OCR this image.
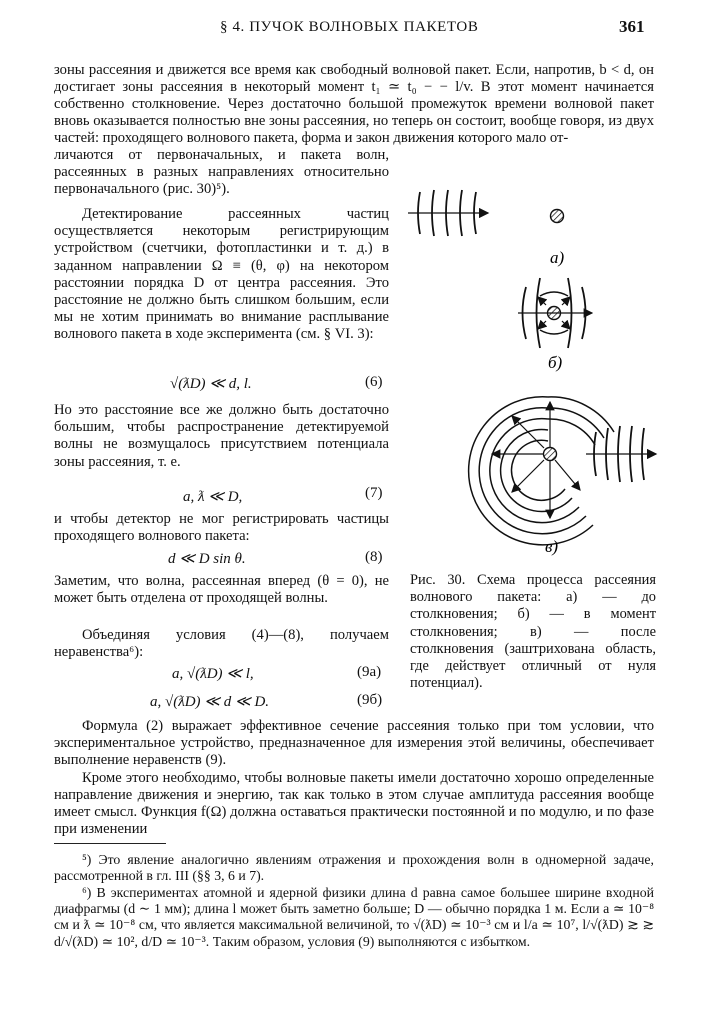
§ 4. ПУЧОК ВОЛНОВЫХ ПАКЕТОВ	361

зоны рассеяния и движется все время как свободный волновой пакет. Если, напротив, b < d, он достигает зоны рассеяния в некоторый момент t₁ ≃ t₀ − − l/v. В этот момент начинается собственно столкновение. Через достаточно большой промежуток времени волновой пакет вновь оказывается полностью вне зоны рассеяния, но теперь он состоит, вообще говоря, из двух частей: проходящего волнового пакета, форма и закон движения которого мало от-

личаются от первоначальных, и пакета волн, рассеянных в разных направлениях относительно первоначального (рис. 30)⁵).

Детектирование рассеянных частиц осуществляется некоторым регистрирующим устройством (счетчики, фотопластинки и т. д.) в заданном направлении Ω ≡ (θ, φ) на некотором расстоянии порядка D от центра рассеяния. Это расстояние не должно быть слишком большим, если мы не хотим принимать во внимание расплывание волнового пакета в ходе эксперимента (см. § VI. 3):

√(ƛD) ≪ d, l.	(6)

Но это расстояние все же должно быть достаточно большим, чтобы распространение детектируемой волны не возмущалось присутствием потенциала зоны рассеяния, т. е.

a, ƛ ≪ D,	(7)

и чтобы детектор не мог регистрировать частицы проходящего волнового пакета:

d ≪ D sin θ.	(8)

Заметим, что волна, рассеянная вперед (θ = 0), не может быть отделена от проходящей волны.

Объединяя условия (4)—(8), получаем неравенства⁶):

a, √(ƛD) ≪ l,	(9а)
a, √(ƛD) ≪ d ≪ D.	(9б)

Формула (2) выражает эффективное сечение рассеяния только при том условии, что экспериментальное устройство, предназначенное для измерения этой величины, обеспечивает выполнение неравенств (9).

Кроме этого необходимо, чтобы волновые пакеты имели достаточно хорошо определенные направление движения и энергию, так как только в этом случае амплитуда рассеяния вообще имеет смысл. Функция f(Ω) должна оставаться практически постоянной и по модулю, и по фазе при изменении

а)
б)
в)

Рис. 30. Схема процесса рассеяния волнового пакета: а) — до столкновения; б) — в момент столкновения; в) — после столкновения (заштрихована область, где действует отличный от нуля потенциал).

⁵) Это явление аналогично явлениям отражения и прохождения волн в одномерной задаче, рассмотренной в гл. III (§§ 3, 6 и 7).

⁶) В экспериментах атомной и ядерной физики длина d равна самое большее ширине входной диафрагмы (d ∼ 1 мм); длина l может быть заметно больше; D — обычно порядка 1 м. Если a ≃ 10⁻⁸ см и ƛ ≃ 10⁻⁸ см, что является максимальной величиной, то √(ƛD) ≃ 10⁻³ см и l/a ≃ 10⁷, l/√(ƛD) ≳ ≳ d/√(ƛD) ≃ 10², d/D ≃ 10⁻³. Таким образом, условия (9) выполняются с избытком.
